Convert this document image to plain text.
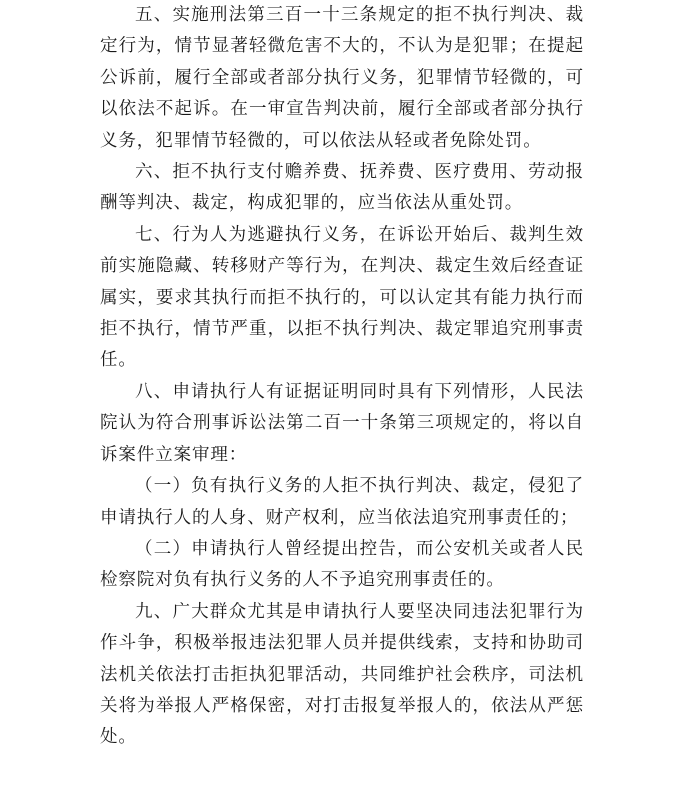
五、实施刑法第三百一十三条规定的拒不执行判决、裁定行为，情节显著轻微危害不大的，不认为是犯罪；在提起公诉前，履行全部或者部分执行义务，犯罪情节轻微的，可以依法不起诉。在一审宣告判决前，履行全部或者部分执行义务，犯罪情节轻微的，可以依法从轻或者免除处罚。

六、拒不执行支付赡养费、抚养费、医疗费用、劳动报酬等判决、裁定，构成犯罪的，应当依法从重处罚。

七、行为人为逃避执行义务，在诉讼开始后、裁判生效前实施隐藏、转移财产等行为，在判决、裁定生效后经查证属实，要求其执行而拒不执行的，可以认定其有能力执行而拒不执行，情节严重，以拒不执行判决、裁定罪追究刑事责任。

八、申请执行人有证据证明同时具有下列情形，人民法院认为符合刑事诉讼法第二百一十条第三项规定的，将以自诉案件立案审理：

（一）负有执行义务的人拒不执行判决、裁定，侵犯了申请执行人的人身、财产权利，应当依法追究刑事责任的；

（二）申请执行人曾经提出控告，而公安机关或者人民检察院对负有执行义务的人不予追究刑事责任的。

九、广大群众尤其是申请执行人要坚决同违法犯罪行为作斗争，积极举报违法犯罪人员并提供线索，支持和协助司法机关依法打击拒执犯罪活动，共同维护社会秩序，司法机关将为举报人严格保密，对打击报复举报人的，依法从严惩处。
